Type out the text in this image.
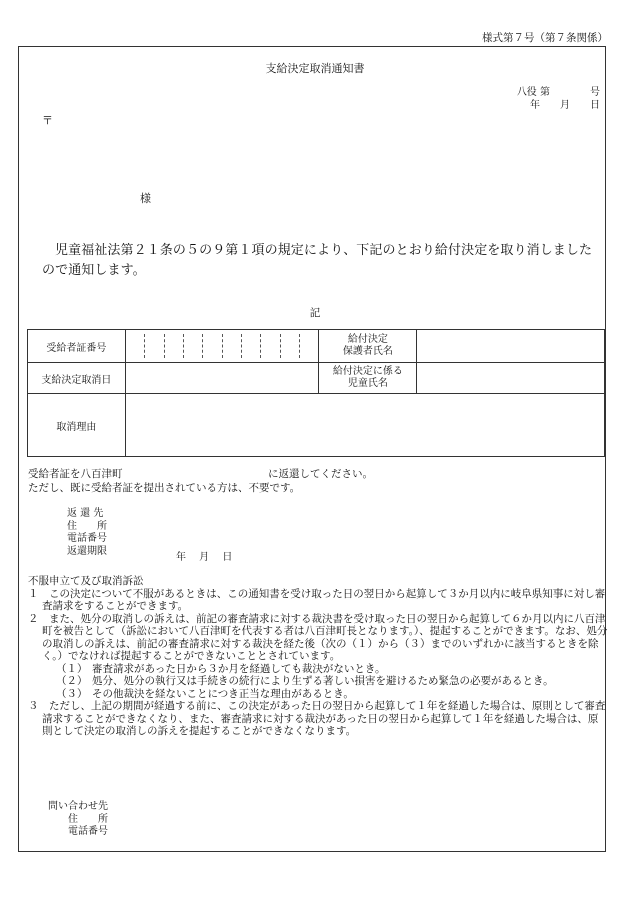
様式第７号（第７条関係）
支給決定取消通知書
八役 第　　　　号
年　　月　　日
〒
様
児童福祉法第２１条の５の９第１項の規定により、下記のとおり給付決定を取り消しましたので通知します。
記
受給者証番号		給付決定
保護者氏名	

支給決定取消日		給付決定に係る
児童氏名	

取消理由			
受給者証を八百津町	に返還してください。
ただし、既に受給者証を提出されている方は、不要です。
返 還 先
住　　所
電話番号
返還期限
年　 月　 日

不服申立て及び取消訴訟

１　この決定について不服があるときは、この通知書を受け取った日の翌日から起算して３か月以内に岐阜県知事に対し審査請求をすることができます。

２　また、処分の取消しの訴えは、前記の審査請求に対する裁決書を受け取った日の翌日から起算して６か月以内に八百津町を被告として（訴訟において八百津町を代表する者は八百津町長となります。）、提起することができます。なお、処分の取消しの訴えは、前記の審査請求に対する裁決を経た後（次の（１）から（３）までのいずれかに該当するときを除く。）でなければ提起することができないこととされています。

（１） 審査請求があった日から３か月を経過しても裁決がないとき。

（２） 処分、処分の執行又は手続きの続行により生ずる著しい損害を避けるため緊急の必要があるとき。

（３） その他裁決を経ないことにつき正当な理由があるとき。

３　ただし、上記の期間が経過する前に、この決定があった日の翌日から起算して１年を経過した場合は、原則として審査請求することができなくなり、また、審査請求に対する裁決があった日の翌日から起算して１年を経過した場合は、原則として決定の取消しの訴えを提起することができなくなります。

問い合わせ先
住　　所
電話番号
